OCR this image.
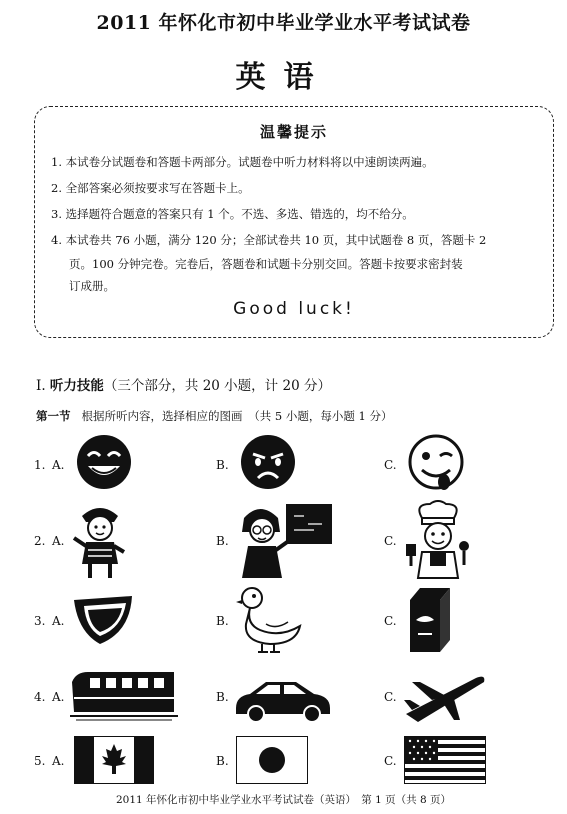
2011 年怀化市初中毕业学业水平考试试卷
英语
温馨提示
1. 本试卷分试题卷和答题卡两部分。试题卷中听力材料将以中速朗读两遍。
2. 全部答案必须按要求写在答题卡上。
3. 选择题符合题意的答案只有 1 个。不选、多选、错选的，均不给分。
4. 本试卷共 76 小题，满分 120 分；全部试卷共 10 页，其中试题卷 8 页，答题卡 2
页。100 分钟完卷。完卷后，答题卷和试题卡分别交回。答题卡按要求密封装
订成册。
Good luck!
I. 听力技能（三个部分，共 20 小题，计 20 分）
第一节 根据所听内容，选择相应的图画　（共 5 小题，每小题 1 分）
1. A.	B.	C.
2. A.	B.	C.
3. A.	B.	C.
4. A.	B.	C.
5. A.	B.	C.
2011 年怀化市初中毕业学业水平考试试卷（英语）　第 1 页（共 8 页）
